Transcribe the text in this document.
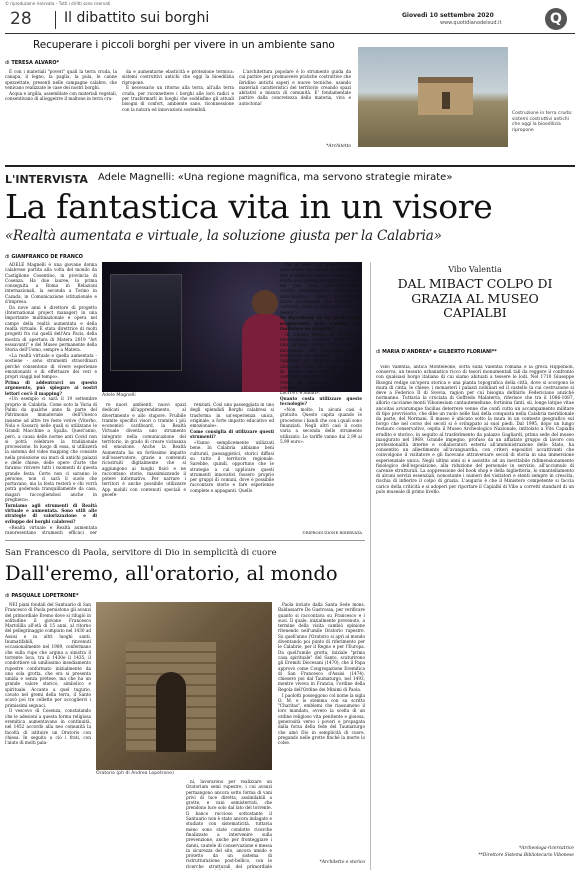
© riproduzione riservata – Tutti i diritti sono riservati
28 Il dibattito sui borghi	Giovedì 10 settembre 2020
www.quotidianodelsud.it	Q
Recuperare i piccoli borghi per vivere in un ambiente sano
di TERESA ALVARO*

È con i materiali "poveri" quali la terra cruda, la canapa, il legno, la paglia, la pula, le canne spezzettate, presenti nelle campagne calabre, che venivano realizzate le case dei nostri borghi.

Acqua e argilla, assemblate con materiali vegetali, consentivano di alloggeirre il maltone in terra cru-

da e aumentarne elasticità e protezione termica: sistemi costruttivi antichi che oggi la bioedilizia ripropone.

È necessario un ritorno alla terra, all'alla terra cruda, per riconnettere i borghi alle loro radici e per trasformarli in luoghi che soddisfino gli attuali bisogni di confort, ambiente sano, riconnessione con la natura ed innovazioni sostenibili.

L'architettura popolare è lo strumento guida da cui partire per promuovere pratiche costruttive che ibridino antichi saperi e nuove tecniche, usando materiali caratteristici del territorio creando spazi abitativi a misura di comunità. E' fondamentale partire dalla concretezza della materia, viva e autoctona!

*Architetto
Costruzione in terra cruda: sistemi costruttivi antichi che oggi la bioedilizia ripropone
L'INTERVISTA Adele Magnelli: «Una regione magnifica, ma servono strategie mirate»
La fantastica vita in un visore
«Realtà aumentata e virtuale, la soluzione giusta per la Calabria»
di GIANFRANCO DE FRANCO

ADELE Magnelli è una giovane donna calabrese partita alla volta del mondo da Castiglione Cosentino, in provincia di Cosenza. Ha due lauree, la prima conseguita a Roma in Relazioni internazionali, la seconda a Torino in Cazada, in Comunicazione istituzionale e d'impresa.

Da nove anni è direttore di progetto (International project manager) in una importante multinazionale e opera nel campo della realtà aumentata e della realtà virtuale. È stata direttrice di molti progetti fra cui quelli dell'Ara Pacis, della mostra di apertura di Matera 2019 "Art esssavanti" e del Museo permanente della Storia dell'Uomo, sempre a Matera.

«La realtà virtuale e quella aumentata - sostiene - sono strumenti straordinari perché consentono di vivere esperienze emozionanti e di effettuare dei veri e propri viaggi nel tempo».

Prima di addentrarci su questo argomento, può spiegare ai nostri lettori cos'è il mapping?

«Un esempio ci sarà il 19 settembre proprio in Calabria. Come noto la Varia di Palmi da qualche anno fa parte del Patrimonio immateriale dell'Unesco insieme ad altre tre feste votive (Viterbo, Nola e Sassari) nelle quali si utilizzano le Grandi Macchine a Spalla. Quest'anno, però, a causa delle norme anti Covid non si potrà celebrare la tradizionale processione. In luogo di essa, si utilizzerà la sistema del video mapping che consiste nella proiezione sui muri di antichi palazzi e delle chiese, delle opere d'arte che faranno rivivere tutti i momenti di questa grande festa. Certo non ci saranno le persone, non ci sarà il suolo che portavano, ma la festa resterà e chi vorrà potrà godersela tranquillamente da casa, magari raccogliendosi anche in preghiera».

Torniamo agli strumenti di Realtà virtuale e aumentata. Sono utili alle strategie di valorizzazione e di sviluppo dei borghi calabresi?

«Realtà virtuale e Realtà aumentata rappresentano strumenti efficaci per

Adele Magnelli

re nuovi ambienti, nuovi spazi dedicati all'apprendimento, al divertimento e allo stupore. Fruibile tramite specifici visori o tramite i più economici cardboard, la Realtà Virtuale diventa uno strumento integrato nella comunicazione del territorio, in grado di creare vicinanza ed emozione. Anche la Realtà Aumentata ha un fortissimo impatto sull'osservatore, grazie a contenuti ricostruiti digitalmente che si aggiungono ai luoghi fisici e ne raccontano storie, massimizzando il potere informativo. Per narrare i territori è anche possibile utilizzare App mobili con contenuti speciali e geoefe-

renziati. Così una passeggiata in uno degli splendidi Borghi calabresi si trasforma in un'esperienza unica, originale, a forte impatto educativo ed emozionale».

Come consiglia di utilizzare questi strumenti?

«Vanno semplicemente utilizzati bene. In Calabria abbiamo beni culturali, paesaggistici, storici diffusi su tutto il territorio regionale. Sarebbe, quindi, opportuno che le strategie a cui applicare questi strumenti innovativi fossero proprio per gruppi di comuni, dove è possibile raccontare storie e fare esperienze complete e appaganti. Quello

che si vede con questi strumenti sono storie che hanno un inizio e una fine e debbono essere realizzate con molta accuratezza da persone esperte nei vari rami (cinematografico, storico, architettonico, archeologico, naturalistico). Esse diventeranno storie accattivanti che stimolano la curiosità, come se fosse una "caccia al tesoro"».

Se dipendesse da lei quali luoghi sceglierebbe della Calabria per realizzare un progetto?

«Il Centro storico di Cosenza è meraviglioso. Sarebbe perfetto. Ha una grande storia, tanta vita da raccontare. Mi piacerebbe molto realizzare un progetto su di esso. Aggiungo un progetto naturalistico unito alla storia dei luoghi. Anche se in questo caso sarebbe opportuno costituire una rete di Comuni per far vivere al visitatore un'esperienza completa e straordinaria. E poi c'è Locri e c'è Sibari».

Quanto costa utilizzare queste tecnologie?

«Non molto. In alcuni casi è gratuito. Questo capita quando le procedono i bandi che con i quali sono finanziati. Negli altri casi il costo varia a seconda dello strumento utilizzato. Le tariffe vanno dai 2,99 ai 5,99 euro».

©RIPRODUZIONE RISERVATA
Vibo Valentia
DAL MIBACT COLPO DI GRAZIA AL MUSEO CAPIALBI
di MARIA D'ANDREA* e GILBERTO FLORIANI**

Vibo Valentia, antica Monteleone, sorta sulla Valentia romana e la greca Hipponion, conserva, un tessuto urbanistico ricco di tesori monumentali tali da reggere il confronto con qualsiasi borgo italiano di cui siamo abituati a tessere le lodi. Nel 1710 Giuseppe Bisogni redige un'opera storica e una pianta topografica della città, dove si scorgono le mura di cinta, le chiese, i monasteri i palazzi nobiliari ed il castello la cui costruzione si deve a Federico II di Svevia, ragion per cui bisogna definirlo Federiciano anziché normanno. Tuttavia la crociata di Goffredo Malaterra, riferisce che tra il 1086-1087, allorio cacciame monti Vibonesium cantautemeltane, fortinina fanti, sii, longe latque vitae ancoitas avvarumque facilius deterrere venne che confi cutto un accampamento militare di tipo provvisorio, che dibe un ruolo nelle fasi della conquista nella Calabria meridionale da parte, del Normani. Il museo è ubicato sotto la mura in un contesto geografico sul borgo che nel corso dei secoli si è sviluppato ai suoi piedi. Dal 1995, dopo un lungo restauro conservativo, ospita il Museo Archeologico Nazionale, intitolato a Vito Capialbi erudito e storico, in seguito al trasferimento da palazzo Gagliardi, prima sede del museo inaugurato nel 1969. Grande impegno, profuso da un affiatato gruppo di lavoro con professionalità interne e collaboratori esterni all'amministrazione dello Stato, ha consentito un allestimento all'avanguardia, con criteri espositivi accattivanti che coinvolgono il visitatore e gli facevano attraversare secoli di storia in una immersione esperienziale unica. Negli ultimi anni si è assistito ad un inevitabile ridimensionamento fisiologico dell'esposizione, alla riduzione del personale in servizio, all'accumulo di carenze strutturali. La soppressione del book shop e della biglietteria, lo smantellamento di alcuni servizi essenziali, nonostante i numeri dei visitatori e stenti sempre in crescita, rischia di infierire il colpo di grazia. L'augurio è che il Ministero competente si faccia carico della criticità e si adoperi per riportare il Capialbi di Vibo a corretti standard di un polo museale di primo livello.

*Archeologa-ricercatrice
**Direttore Sistema Bibliotecario Vibonese
San Francesco di Paola, servitore di Dio in semplicità di cuore
Dall'eremo, all'oratorio, al mondo
di PASQUALE LOPETRONE*

NEI piani fondali del Santuario di San Francesco di Paola persistono gli avanzi del primordiale Eremo dove si rifugiò in solitudine il giovane Francesco Martolilla all'età di 15 anni, al ritorno del pellegrinaggio compiuto nel 1430 ad Assisi e in altri luoghi santi. Inumatifabili, rinvenuti occasionalmente nel 1989, confermano che sulla rupe che argina a sinistra il torrente Isca, tra il 1430e il 1435, il condottiere un umilissimo insediamento rupestre conformato inizialmente da una sola grotta, che ora si presenta umida e senza pretese, ma che ha un grande valore storico, simbolico e spirituale. Accanto a quel tugurio, cavato nel gremi della terra, il Santo scavò poi tre cellette per accogliervi i primissimi seguaci.

Il vescovo di Cosenza, constatando che le adesioni a questa forma religiosa eremitica aumentavano in continuità, nel 1452 accordò alla neo comunità la facoltà di istituire un Oratorio con chiesa. In seguito a ciò i frati, con l'aiuto di molti pala-

Oratorio (ph di Andrea Lopetrone)

ni, lavorarono per realizzare un Oratorium semi rupestre, i cui avanzi permangono ancora sotto forma di vani privi di luce diretta, assimilabili a grotte, e vani semisterrati, che prendono luce solo dal lato del torrente. Il banco roccioso sottostante il Santuario non è stato ancora indagato e studiato con sistematicità, tuttavia meno sono state condotte ricerche finalizzate a intervenire sulla prevenzione, anche per fronteggiare i danni, cautele di conservazione e messa in sicurezza del sito, ancora umido e protetto da un sistema di ristrutturazione post-bellico, con le ricerche strutturali del primordiale

Paola inviato dalla Santa Sede mons. Baldassarre De Gustrossa, per verificare quanto si raccontava su Francesco e i suoi. Il quale, inizialmente prevenuto, a termine della visita cambiò opinione ritenendo nell'umile Oratorio rupestre. Su quell'anno l'Oratorio si aprì al mondo diventando poi punto di riferimento per le Calabrie, per il Regno e per l'Europa. Da quell'umile grotta, iniziale "prima casa spirituale" del Santo, scaturirono gli Eremiti Diocesani (1470), che il Papa approvò come Congregazione Eremitica di San Francesco d'Assisi (1474), chiesero poi dal Taumaturgo, nel 1493, mentre viveva in Francia, l'ordine della Regola dell'Ordine dei Minimi di Paola.

I paolotti posseggono col nome la sigla O. M. e lo stemma con su scritto "Charitas", emblemi che riassumono il loro mandato, ovvero la scelta di un ordine religioso vita penitente e gioiosa, generosità verso i poveri e propagata dalla forza della fede del Taumaturgo che amò Dio in semplicità di cuore, pregando nelle grotte finché la morte lo colse.

*Architetto e storico
